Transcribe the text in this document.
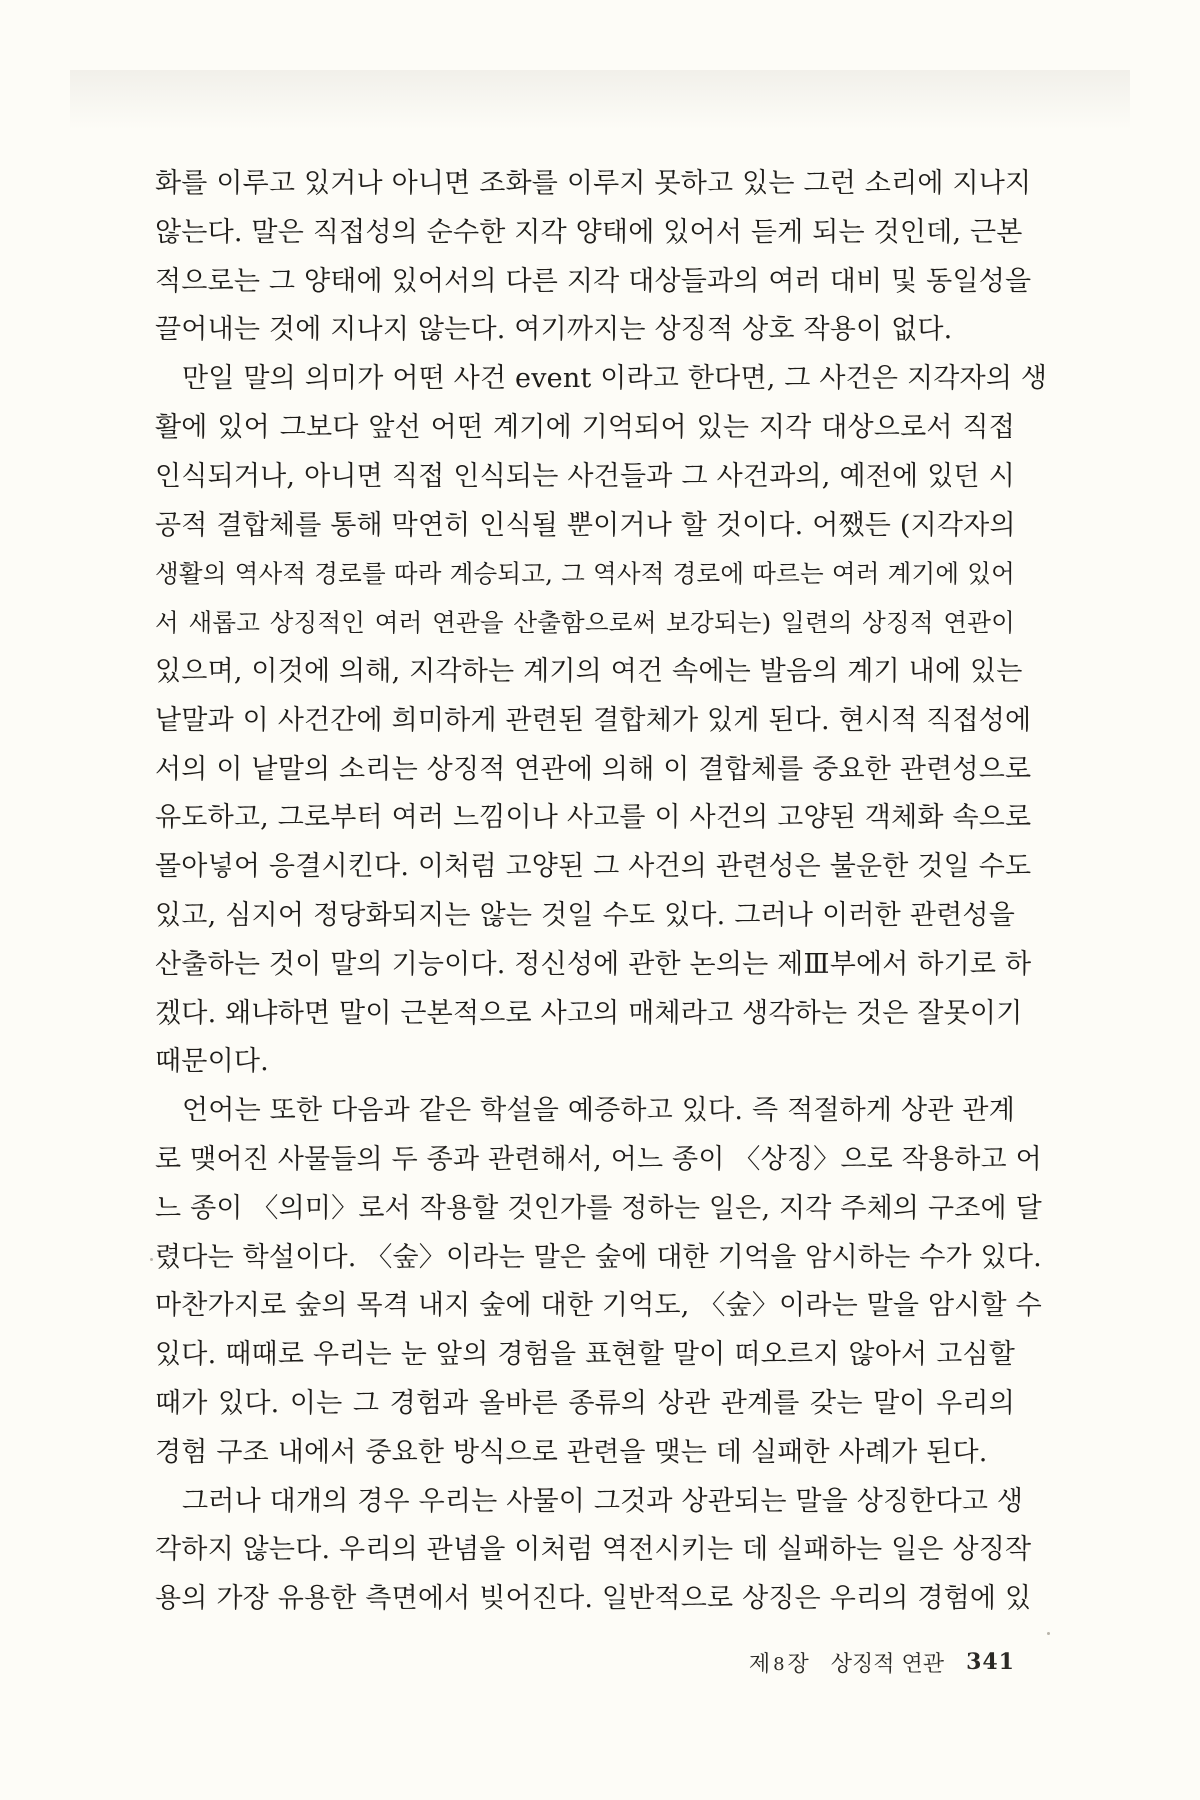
화를 이루고 있거나 아니면 조화를 이루지 못하고 있는 그런 소리에 지나지
않는다. 말은 직접성의 순수한 지각 양태에 있어서 듣게 되는 것인데, 근본
적으로는 그 양태에 있어서의 다른 지각 대상들과의 여러 대비 및 동일성을
끌어내는 것에 지나지 않는다. 여기까지는 상징적 상호 작용이 없다.
만일 말의 의미가 어떤 사건 event 이라고 한다면, 그 사건은 지각자의 생
활에 있어 그보다 앞선 어떤 계기에 기억되어 있는 지각 대상으로서 직접
인식되거나, 아니면 직접 인식되는 사건들과 그 사건과의, 예전에 있던 시
공적 결합체를 통해 막연히 인식될 뿐이거나 할 것이다. 어쨌든 (지각자의
생활의 역사적 경로를 따라 계승되고, 그 역사적 경로에 따르는 여러 계기에 있어
서 새롭고 상징적인 여러 연관을 산출함으로써 보강되는) 일련의 상징적 연관이
있으며, 이것에 의해, 지각하는 계기의 여건 속에는 발음의 계기 내에 있는
낱말과 이 사건간에 희미하게 관련된 결합체가 있게 된다. 현시적 직접성에
서의 이 낱말의 소리는 상징적 연관에 의해 이 결합체를 중요한 관련성으로
유도하고, 그로부터 여러 느낌이나 사고를 이 사건의 고양된 객체화 속으로
몰아넣어 응결시킨다. 이처럼 고양된 그 사건의 관련성은 불운한 것일 수도
있고, 심지어 정당화되지는 않는 것일 수도 있다. 그러나 이러한 관련성을
산출하는 것이 말의 기능이다. 정신성에 관한 논의는 제Ⅲ부에서 하기로 하
겠다. 왜냐하면 말이 근본적으로 사고의 매체라고 생각하는 것은 잘못이기
때문이다.
언어는 또한 다음과 같은 학설을 예증하고 있다. 즉 적절하게 상관 관계
로 맺어진 사물들의 두 종과 관련해서, 어느 종이 〈상징〉으로 작용하고 어
느 종이 〈의미〉로서 작용할 것인가를 정하는 일은, 지각 주체의 구조에 달
렸다는 학설이다. 〈숲〉이라는 말은 숲에 대한 기억을 암시하는 수가 있다.
마찬가지로 숲의 목격 내지 숲에 대한 기억도, 〈숲〉이라는 말을 암시할 수
있다. 때때로 우리는 눈 앞의 경험을 표현할 말이 떠오르지 않아서 고심할
때가 있다. 이는 그 경험과 올바른 종류의 상관 관계를 갖는 말이 우리의
경험 구조 내에서 중요한 방식으로 관련을 맺는 데 실패한 사례가 된다.
그러나 대개의 경우 우리는 사물이 그것과 상관되는 말을 상징한다고 생
각하지 않는다. 우리의 관념을 이처럼 역전시키는 데 실패하는 일은 상징작
용의 가장 유용한 측면에서 빚어진다. 일반적으로 상징은 우리의 경험에 있
제 8 장 상징적 연관 341
